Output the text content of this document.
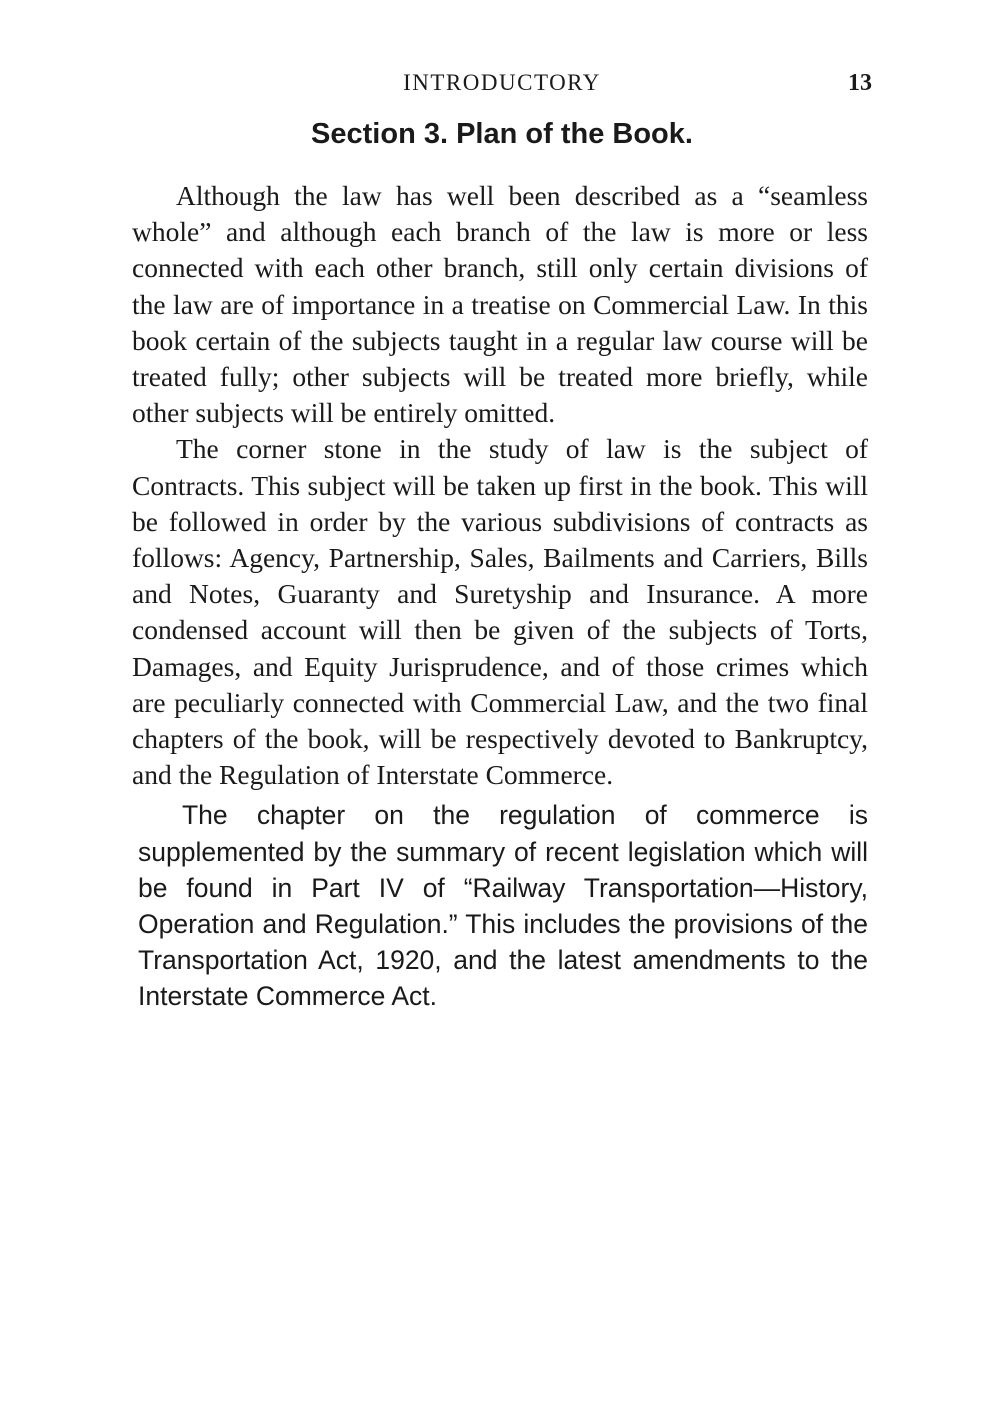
INTRODUCTORY	13
Section 3. Plan of the Book.

Although the law has well been described as a “seamless whole” and although each branch of the law is more or less connected with each other branch, still only certain divisions of the law are of importance in a treatise on Commercial Law. In this book certain of the subjects taught in a regular law course will be treated fully; other subjects will be treated more briefly, while other subjects will be entirely omitted.

The corner stone in the study of law is the subject of Contracts. This subject will be taken up first in the book. This will be followed in order by the various subdivisions of contracts as follows: Agency, Partnership, Sales, Bailments and Carriers, Bills and Notes, Guaranty and Suretyship and Insurance. A more condensed account will then be given of the subjects of Torts, Damages, and Equity Jurisprudence, and of those crimes which are peculiarly connected with Commercial Law, and the two final chapters of the book, will be respectively devoted to Bankruptcy, and the Regulation of Interstate Commerce.

The chapter on the regulation of commerce is supplemented by the summary of recent legislation which will be found in Part IV of “Railway Transportation—History, Operation and Regulation.” This includes the provisions of the Transportation Act, 1920, and the latest amendments to the Interstate Commerce Act.
